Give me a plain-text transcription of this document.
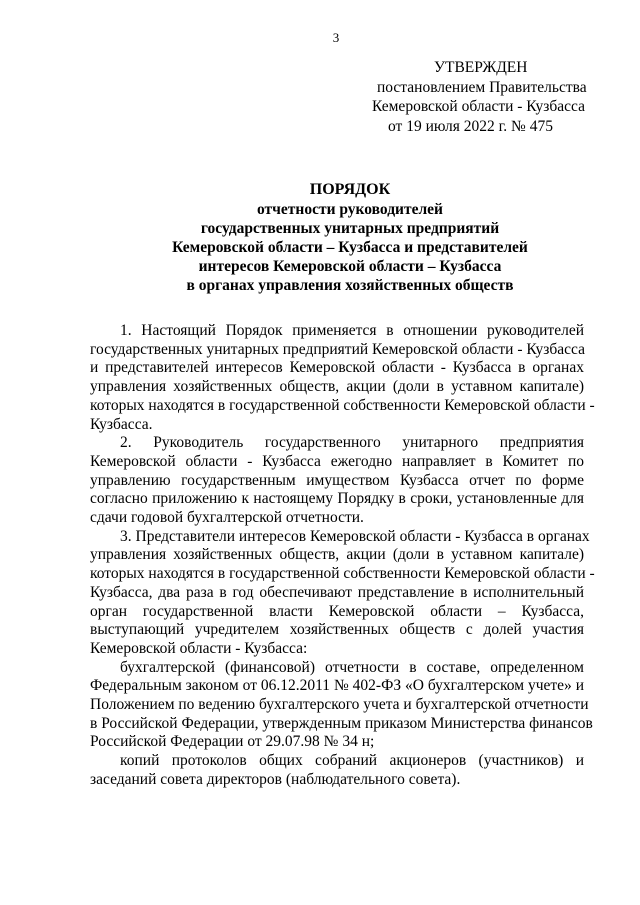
3
УТВЕРЖДЕН
постановлением Правительства
Кемеровской области - Кузбасса
от 19 июля 2022 г. № 475
ПОРЯДОК
отчетности руководителей
государственных унитарных предприятий
Кемеровской области – Кузбасса и представителей
интересов Кемеровской области – Кузбасса
в органах управления хозяйственных обществ
1. Настоящий Порядок применяется в отношении руководителей
государственных унитарных предприятий Кемеровской области - Кузбасса
и представителей интересов Кемеровской области - Кузбасса в органах
управления хозяйственных обществ, акции (доли в уставном капитале)
которых находятся в государственной собственности Кемеровской области -
Кузбасса.
2. Руководитель государственного унитарного предприятия
Кемеровской области - Кузбасса ежегодно направляет в Комитет по
управлению государственным имуществом Кузбасса отчет по форме
согласно приложению к настоящему Порядку в сроки, установленные для
сдачи годовой бухгалтерской отчетности.
3. Представители интересов Кемеровской области - Кузбасса в органах
управления хозяйственных обществ, акции (доли в уставном капитале)
которых находятся в государственной собственности Кемеровской области -
Кузбасса, два раза в год обеспечивают представление в исполнительный
орган государственной власти Кемеровской области – Кузбасса,
выступающий учредителем хозяйственных обществ с долей участия
Кемеровской области - Кузбасса:
бухгалтерской (финансовой) отчетности в составе, определенном
Федеральным законом от 06.12.2011 № 402-ФЗ «О бухгалтерском учете» и
Положением по ведению бухгалтерского учета и бухгалтерской отчетности
в Российской Федерации, утвержденным приказом Министерства финансов
Российской Федерации от 29.07.98 № 34 н;
копий протоколов общих собраний акционеров (участников) и
заседаний совета директоров (наблюдательного совета).
